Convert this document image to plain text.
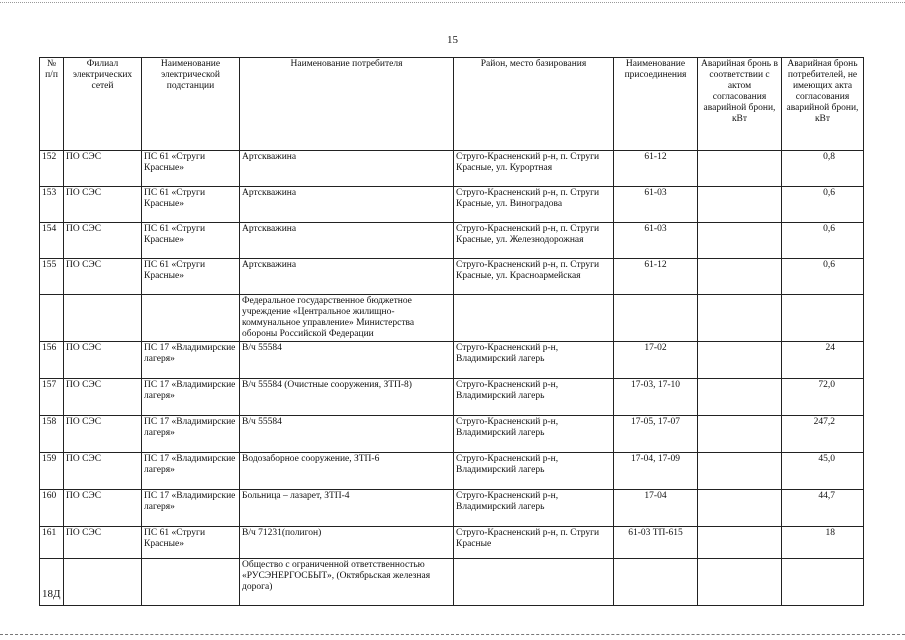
15
№ п/п	Филиал электрических сетей	Наименование электрической подстанции	Наименование потребителя	Район, место базирования	Наименование присоединения	Аварийная бронь в соответствии с актом согласования аварийной брони, кВт	Аварийная бронь потребителей, не имеющих акта согласования аварийной брони, кВт
152	ПО СЭС	ПС 61 «Струги Красные»	Артскважина	Струго-Красненский р-н, п. Струги Красные, ул. Курортная	61-12		0,8
153	ПО СЭС	ПС 61 «Струги Красные»	Артскважина	Струго-Красненский р-н, п. Струги Красные, ул. Виноградова	61-03		0,6
154	ПО СЭС	ПС 61 «Струги Красные»	Артскважина	Струго-Красненский р-н, п. Струги Красные, ул. Железнодорожная	61-03		0,6
155	ПО СЭС	ПС 61 «Струги Красные»	Артскважина	Струго-Красненский р-н, п. Струги Красные, ул. Красноармейская	61-12		0,6
			Федеральное государственное бюджетное учреждение «Центральное жилищно-коммунальное управление» Министерства обороны Российской Федерации				
156	ПО СЭС	ПС 17 «Владимирские лагеря»	В/ч 55584	Струго-Красненский р-н, Владимирский лагерь	17-02		24
157	ПО СЭС	ПС 17 «Владимирские лагеря»	В/ч 55584 (Очистные сооружения, ЗТП-8)	Струго-Красненский р-н, Владимирский лагерь	17-03, 17-10		72,0
158	ПО СЭС	ПС 17 «Владимирские лагеря»	В/ч 55584	Струго-Красненский р-н, Владимирский лагерь	17-05, 17-07		247,2
159	ПО СЭС	ПС 17 «Владимирские лагеря»	Водозаборное сооружение, ЗТП-6	Струго-Красненский р-н, Владимирский лагерь	17-04, 17-09		45,0
160	ПО СЭС	ПС 17 «Владимирские лагеря»	Больница – лазарет, ЗТП-4	Струго-Красненский р-н, Владимирский лагерь	17-04		44,7
161	ПО СЭС	ПС 61 «Струги Красные»	В/ч 71231(полигон)	Струго-Красненский р-н, п. Струги Красные	61-03 ТП-615		18
			Общество с ограниченной ответственностью «РУСЭНЕРГОСБЫТ», (Октябрьская железная дорога)				
18Д
